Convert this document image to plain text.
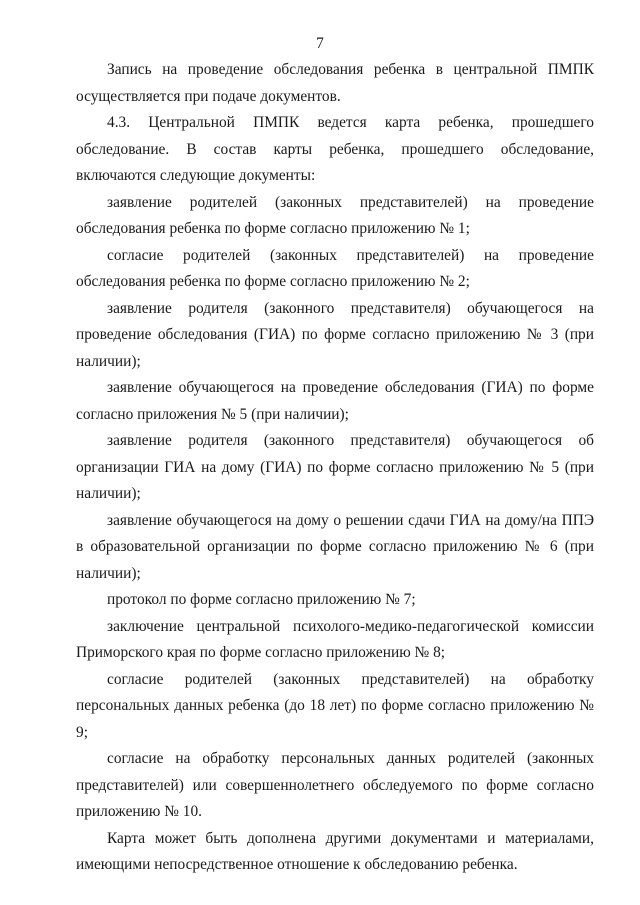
7

Запись на проведение обследования ребенка в центральной ПМПК осуществляется при подаче документов.

4.3. Центральной ПМПК ведется карта ребенка, прошедшего обследование. В состав карты ребенка, прошедшего обследование, включаются следующие документы:

заявление родителей (законных представителей) на проведение обследования ребенка по форме согласно приложению № 1;

согласие родителей (законных представителей) на проведение обследования ребенка по форме согласно приложению № 2;

заявление родителя (законного представителя) обучающегося на проведение обследования (ГИА) по форме согласно приложению № 3 (при наличии);

заявление обучающегося на проведение обследования (ГИА) по форме согласно приложения № 5 (при наличии);

заявление родителя (законного представителя) обучающегося об организации ГИА на дому (ГИА) по форме согласно приложению № 5 (при наличии);

заявление обучающегося на дому о решении сдачи ГИА на дому/на ППЭ в образовательной организации по форме согласно приложению № 6 (при наличии);

протокол по форме согласно приложению № 7;

заключение центральной психолого-медико-педагогической комиссии Приморского края по форме согласно приложению № 8;

согласие родителей (законных представителей) на обработку персональных данных ребенка (до 18 лет) по форме согласно приложению № 9;

согласие на обработку персональных данных родителей (законных представителей) или совершеннолетнего обследуемого по форме согласно приложению № 10.

Карта может быть дополнена другими документами и материалами, имеющими непосредственное отношение к обследованию ребенка.
